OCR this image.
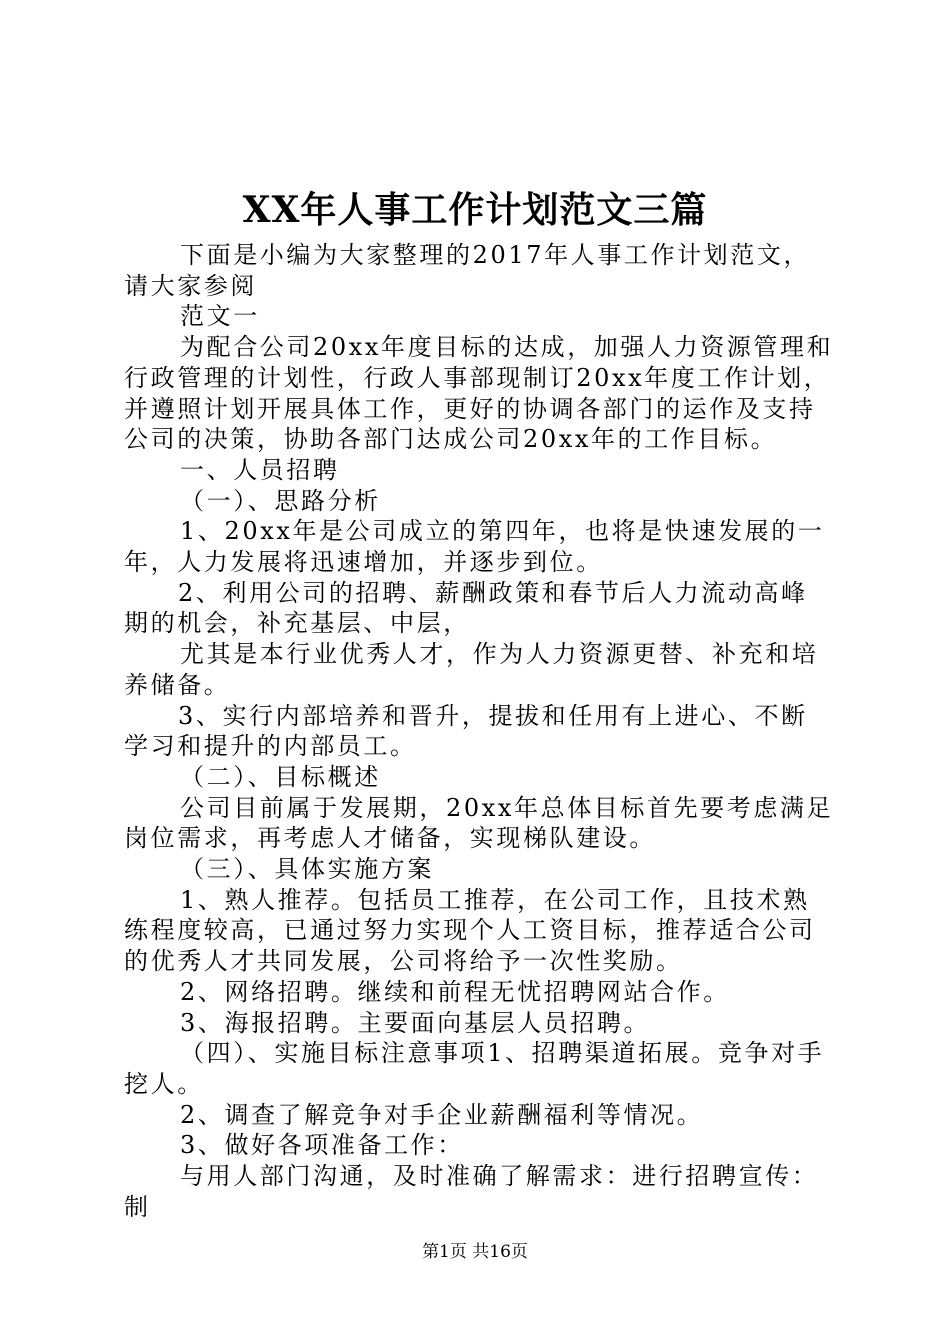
XX年人事工作计划范文三篇

下面是小编为大家整理的2017年人事工作计划范文，请大家参阅

范文一

为配合公司20xx年度目标的达成，加强人力资源管理和行政管理的计划性，行政人事部现制订20xx年度工作计划，并遵照计划开展具体工作，更好的协调各部门的运作及支持公司的决策，协助各部门达成公司20xx年的工作目标。

一、人员招聘

（一）、思路分析

1、20xx年是公司成立的第四年，也将是快速发展的一年，人力发展将迅速增加，并逐步到位。

2、利用公司的招聘、薪酬政策和春节后人力流动高峰期的机会，补充基层、中层，

尤其是本行业优秀人才，作为人力资源更替、补充和培养储备。

3、实行内部培养和晋升，提拔和任用有上进心、不断学习和提升的内部员工。

（二）、目标概述

公司目前属于发展期，20xx年总体目标首先要考虑满足岗位需求，再考虑人才储备，实现梯队建设。

（三）、具体实施方案

1、熟人推荐。包括员工推荐，在公司工作，且技术熟练程度较高，已通过努力实现个人工资目标，推荐适合公司的优秀人才共同发展，公司将给予一次性奖励。

2、网络招聘。继续和前程无忧招聘网站合作。

3、海报招聘。主要面向基层人员招聘。

（四）、实施目标注意事项1、招聘渠道拓展。竞争对手挖人。

2、调查了解竞争对手企业薪酬福利等情况。

3、做好各项准备工作：

与用人部门沟通，及时准确了解需求：进行招聘宣传：制

第1页 共16页
